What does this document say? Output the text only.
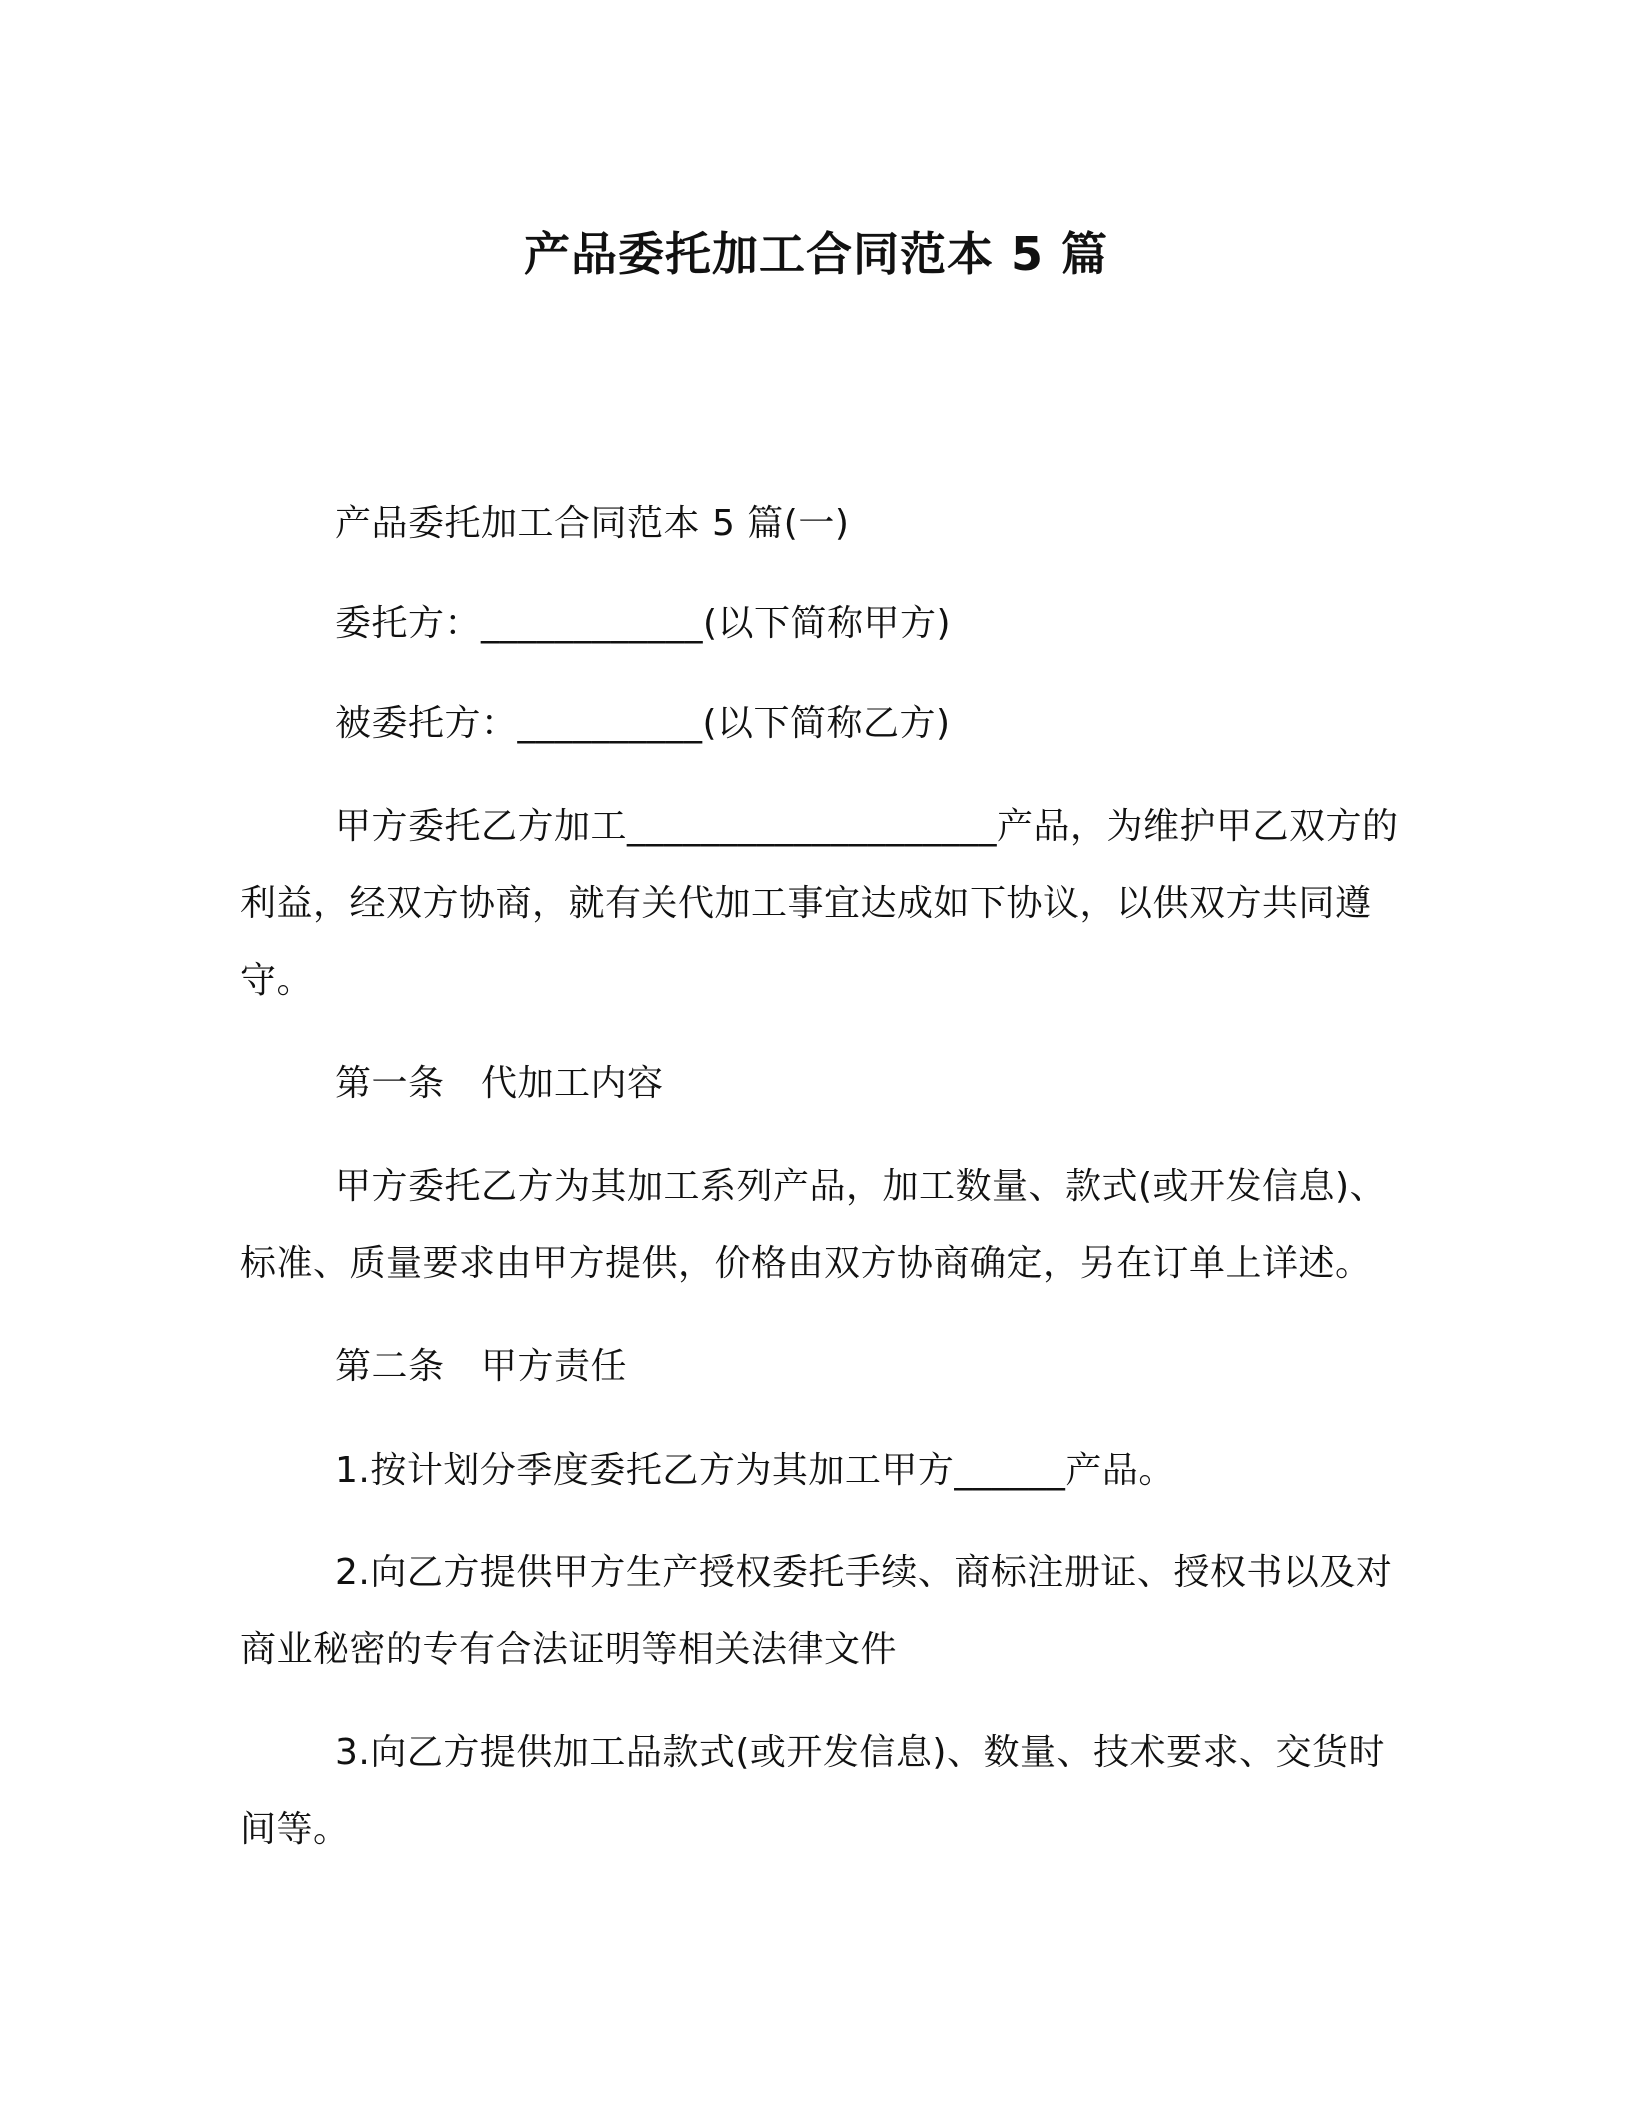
产品委托加工合同范本 5 篇

产品委托加工合同范本 5 篇(一)

委托方：____________(以下简称甲方)

被委托方：__________(以下简称乙方)

甲方委托乙方加工____________________产品，为维护甲乙双方的利益，经双方协商，就有关代加工事宜达成如下协议，以供双方共同遵守。

第一条　代加工内容

甲方委托乙方为其加工系列产品，加工数量、款式(或开发信息)、标准、质量要求由甲方提供，价格由双方协商确定，另在订单上详述。

第二条　甲方责任

1.按计划分季度委托乙方为其加工甲方______产品。

2.向乙方提供甲方生产授权委托手续、商标注册证、授权书以及对商业秘密的专有合法证明等相关法律文件

3.向乙方提供加工品款式(或开发信息)、数量、技术要求、交货时间等。
